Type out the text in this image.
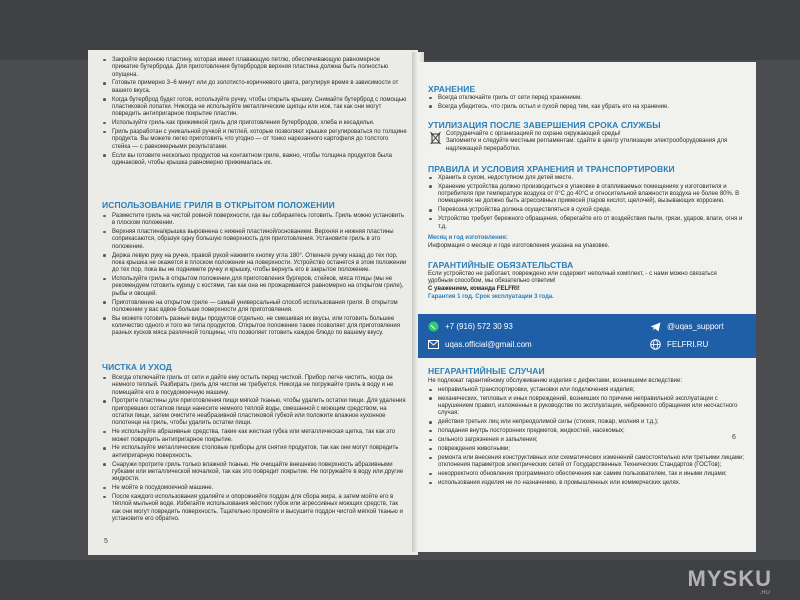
Закройте верхнюю пластину, которая имеет плавающую петлю, обеспечивающую равномерное прижатие бутерброда. Для приготовления бутербродов верхняя пластина должна быть полностью опущена.
Готовьте примерно 3–6 минут или до золотисто-коричневого цвета, регулируя время в зависимости от вашего вкуса.
Когда бутерброд будет готов, используйте ручку, чтобы открыть крышку. Снимайте бутерброд с помощью пластиковой лопатки. Никогда не используйте металлические щипцы или нож, так как они могут повредить антипригарное покрытие пластин.
Используйте гриль как прижимной гриль для приготовления бутербродов, хлеба и кесадильи.
Гриль разработан с уникальной ручкой и петлей, которые позволяют крышке регулироваться по толщине продукта. Вы можете легко приготовить что угодно — от тонко нарезанного картофеля до толстого стейка — с равномерными результатами.
Если вы готовите несколько продуктов на контактном гриле, важно, чтобы толщина продуктов была одинаковой, чтобы крышка равномерно прижималась их.
ИСПОЛЬЗОВАНИЕ ГРИЛЯ В ОТКРЫТОМ ПОЛОЖЕНИИ
Разместите гриль на чистой ровной поверхности, где вы собираетесь готовить. Гриль можно установить в плоском положении.
Верхняя пластина/крышка выровнена с нижней пластиной/основанием. Верхняя и нижняя пластины соприкасаются, образуя одну большую поверхность для приготовления. Установите гриль в это положение.
Держа левую руку на ручке, правой рукой нажмите кнопку угла 180°. Откиньте ручку назад до тех пор, пока крышка не окажется в плоском положении на поверхности. Устройство останется в этом положении до тех пор, пока вы не поднимете ручку и крышку, чтобы вернуть его в закрытое положение.
Используйте гриль в открытом положении для приготовления бургеров, стейков, мяса птицы (мы не рекомендуем готовить курицу с костями, так как она не прожаривается равномерно на открытом гриле), рыбы и овощей.
Приготовление на открытом гриле — самый универсальный способ использования гриля. В открытом положении у вас вдвое больше поверхности для приготовления.
Вы можете готовить разные виды продуктов отдельно, не смешивая их вкусы, или готовить большее количество одного и того же типа продуктов. Открытое положение также позволяет для приготовления разных кусков мяса различной толщины, что позволяет готовить каждое блюдо по вашему вкусу.
ЧИСТКА И УХОД
Всегда отключайте гриль от сети и дайте ему остыть перед чисткой. Прибор легче чистить, когда он немного теплый. Разбирать гриль для чистки не требуется. Никогда не погружайте гриль в воду и не помещайте его в посудомоечную машину.
Протрите пластины для приготовления пищи мягкой тканью, чтобы удалить остатки пищи. Для удаления пригоревших остатков пищи нанесите немного теплой воды, смешанной с моющим средством, на остатки пищи, затем очистите неабразивной пластиковой губкой или положите влажное кухонное полотенце на гриль, чтобы удалить остатки пищи.
Не используйте абразивные средства, такие как жесткая губка или металлическая щетка, так как это может повредить антипригарное покрытие.
Не используйте металлические столовые приборы для снятия продуктов, так как они могут повредить антипригарную поверхность.
Снаружи протрите гриль только влажной тканью. Не очищайте внешнюю поверхность абразивными губками или металлической мочалкой, так как это повредит покрытие. Не погружайте в воду или другие жидкости.
Не мойте в посудомоечной машине.
После каждого использования удаляйте и опорожняйте поддон для сбора жира, а затем мойте его в тёплой мыльной воде. Избегайте использования жёстких губок или агрессивных моющих средств, так как они могут повредить поверхность. Тщательно промойте и высушите поддон чистой мягкой тканью и установите его обратно.
5
ХРАНЕНИЕ
Всегда отключайте гриль от сети перед хранением.
Всегда убедитесь, что гриль остыл и сухой перед тем, как убрать его на хранение.
УТИЛИЗАЦИЯ ПОСЛЕ ЗАВЕРШЕНИЯ СРОКА СЛУЖБЫ
Сотрудничайте с организацией по охране окружающей среды!
Запомните и следуйте местным регламентам: сдайте в центр утилизации электрооборудования для надлежащей переработки.
ПРАВИЛА И УСЛОВИЯ ХРАНЕНИЯ И ТРАНСПОРТИРОВКИ
Хранить в сухом, недоступном для детей месте.
Хранение устройства должно производиться в упаковке в отапливаемых помещениях у изготовителя и потребителя при температуре воздуха от 0°С до 40°С и относительной влажности воздуха не более 80%. В помещениях не должно быть агрессивных примесей (паров кислот, щелочей), вызывающих коррозию.
Перевозка устройства должна осуществляться в сухой среде.
Устройство требует бережного обращения, оберегайте его от воздействия пыли, грязи, ударов, влаги, огня и т.д.
Месяц и год изготовления:
Информация о месяце и годе изготовления указана на упаковке.
ГАРАНТИЙНЫЕ ОБЯЗАТЕЛЬСТВА
Если устройство не работает, повреждено или содержит неполный комплект, - с нами можно связаться удобным способом, мы обязательно ответим!
С уважением, команда FELFRI!
Гарантия 1 год. Срок эксплуатации 3 года.
НЕГАРАНТИЙНЫЕ СЛУЧАИ
Не подлежат гарантийному обслуживанию изделия с дефектами, возникшими вследствие:
неправильной транспортировки, установки или подключения изделия;
механических, тепловых и иных повреждений, возникших по причине неправильной эксплуатации с нарушением правил, изложенных в руководстве по эксплуатации, небрежного обращения или несчастного случая;
действия третьих лиц или непреодолимой силы (стихия, пожар, молния и т.д.);
попадания внутрь посторонних предметов, жидкостей, насекомых;
сильного загрязнения и запыления;
повреждения животными;
ремонта или внесения конструктивных или схематических изменений самостоятельно или третьими лицами; отклонения параметров электрических сетей от Государственных Технических Стандартов (ГОСТов);
некорректного обновления программного обеспечения как самим пользователем, так и иными лицами;
использования изделия не по назначению, в промышленных или коммерческих целях.
6
+7 (916) 572 30 93
uqas.official@gmail.com
@uqas_support
FELFRI.RU
MYSKU
.RU
